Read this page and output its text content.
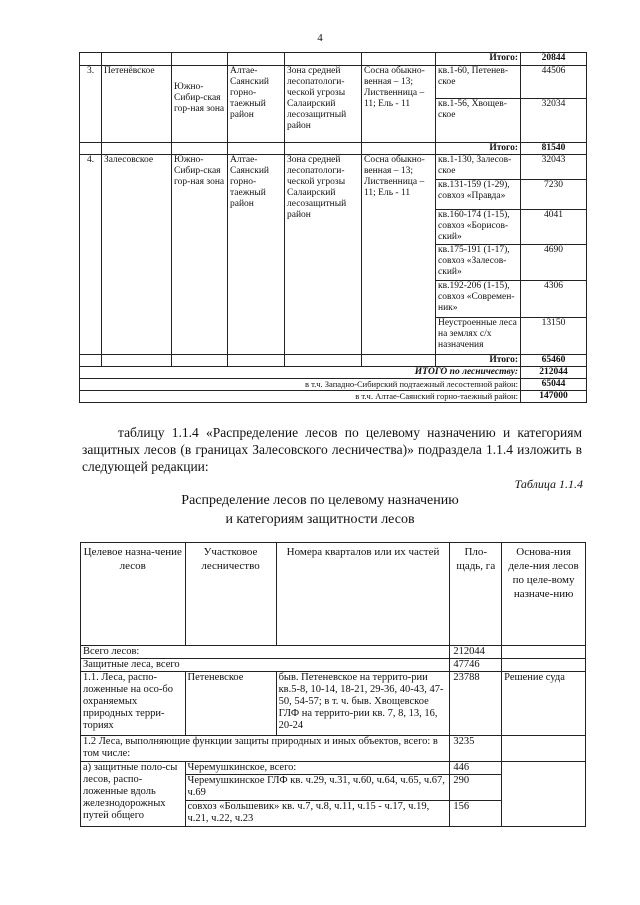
4
						Итого:	20844
3.	Петенёвское	Южно-Сибир-ская гор-ная зона	Алтае-Саянский горно-таежный район	Зона средней лесопатологи-ческой угрозы Салаирский лесозащитный район	Сосна обыкно-венная – 13; Лиственница – 11; Ель - 11	кв.1-60, Петенев-ское	44506
						кв.1-56, Хвощев-ское	32034
						Итого:	81540
4.	Залесовское	Южно-Сибир-ская гор-ная зона	Алтае-Саянский горно-таежный район	Зона средней лесопатологи-ческой угрозы Салаирский лесозащитный район	Сосна обыкно-венная – 13; Лиственница – 11; Ель - 11	кв.1-130, Залесов-ское	32043
						кв.131-159 (1-29), совхоз «Правда»	7230
						кв.160-174 (1-15), совхоз «Борисов-ский»	4041
						кв.175-191 (1-17), совхоз «Залесов-ский»	4690
						кв.192-206 (1-15), совхоз «Современ-ник»	4306
						Неустроенные леса на землях с/х назначения	13150
						Итого:	65460
ИТОГО по лесничеству:							212044
в т.ч. Западно-Сибирский подтаежный лесостепной район:							65044
в т.ч. Алтае-Саянский горно-таежный район:							147000

таблицу 1.1.4 «Распределение лесов по целевому назначению и категориям защитных лесов (в границах Залесовского лесничества)» подраздела 1.1.4 изложить в следующей редакции:

Таблица 1.1.4
Распределение лесов по целевому назначению
и категориям защитности лесов
Целевое назна-чение лесов	Участковое лесничество	Номера кварталов или их частей	Пло-щадь, га	Основа-ния деле-ния лесов по целе-вому назначе-нию
Всего лесов:			212044	
Защитные леса, всего			47746	
1.1. Леса, распо-ложенные на осо-бо охраняемых природных терри-ториях	Петеневское	быв. Петеневское на террито-рии кв.5-8, 10-14, 18-21, 29-36, 40-43, 47-50, 54-57; в т. ч. быв. Хвощевское ГЛФ на террито-рии кв. 7, 8, 13, 16, 20-24	23788	Решение суда
1.2 Леса, выполняющие функции защиты природных и иных объектов, всего: в том числе:			3235	
а) защитные поло-сы лесов, распо-ложенные вдоль железнодорожных путей общего	Черемушкинское, всего:		446	
	Черемушкинское ГЛФ кв. ч.29, ч.31, ч.60, ч.64, ч.65, ч.67, ч.69		290	
	совхоз «Большевик» кв. ч.7, ч.8, ч.11, ч.15 - ч.17, ч.19, ч.21, ч.22, ч.23		156	
